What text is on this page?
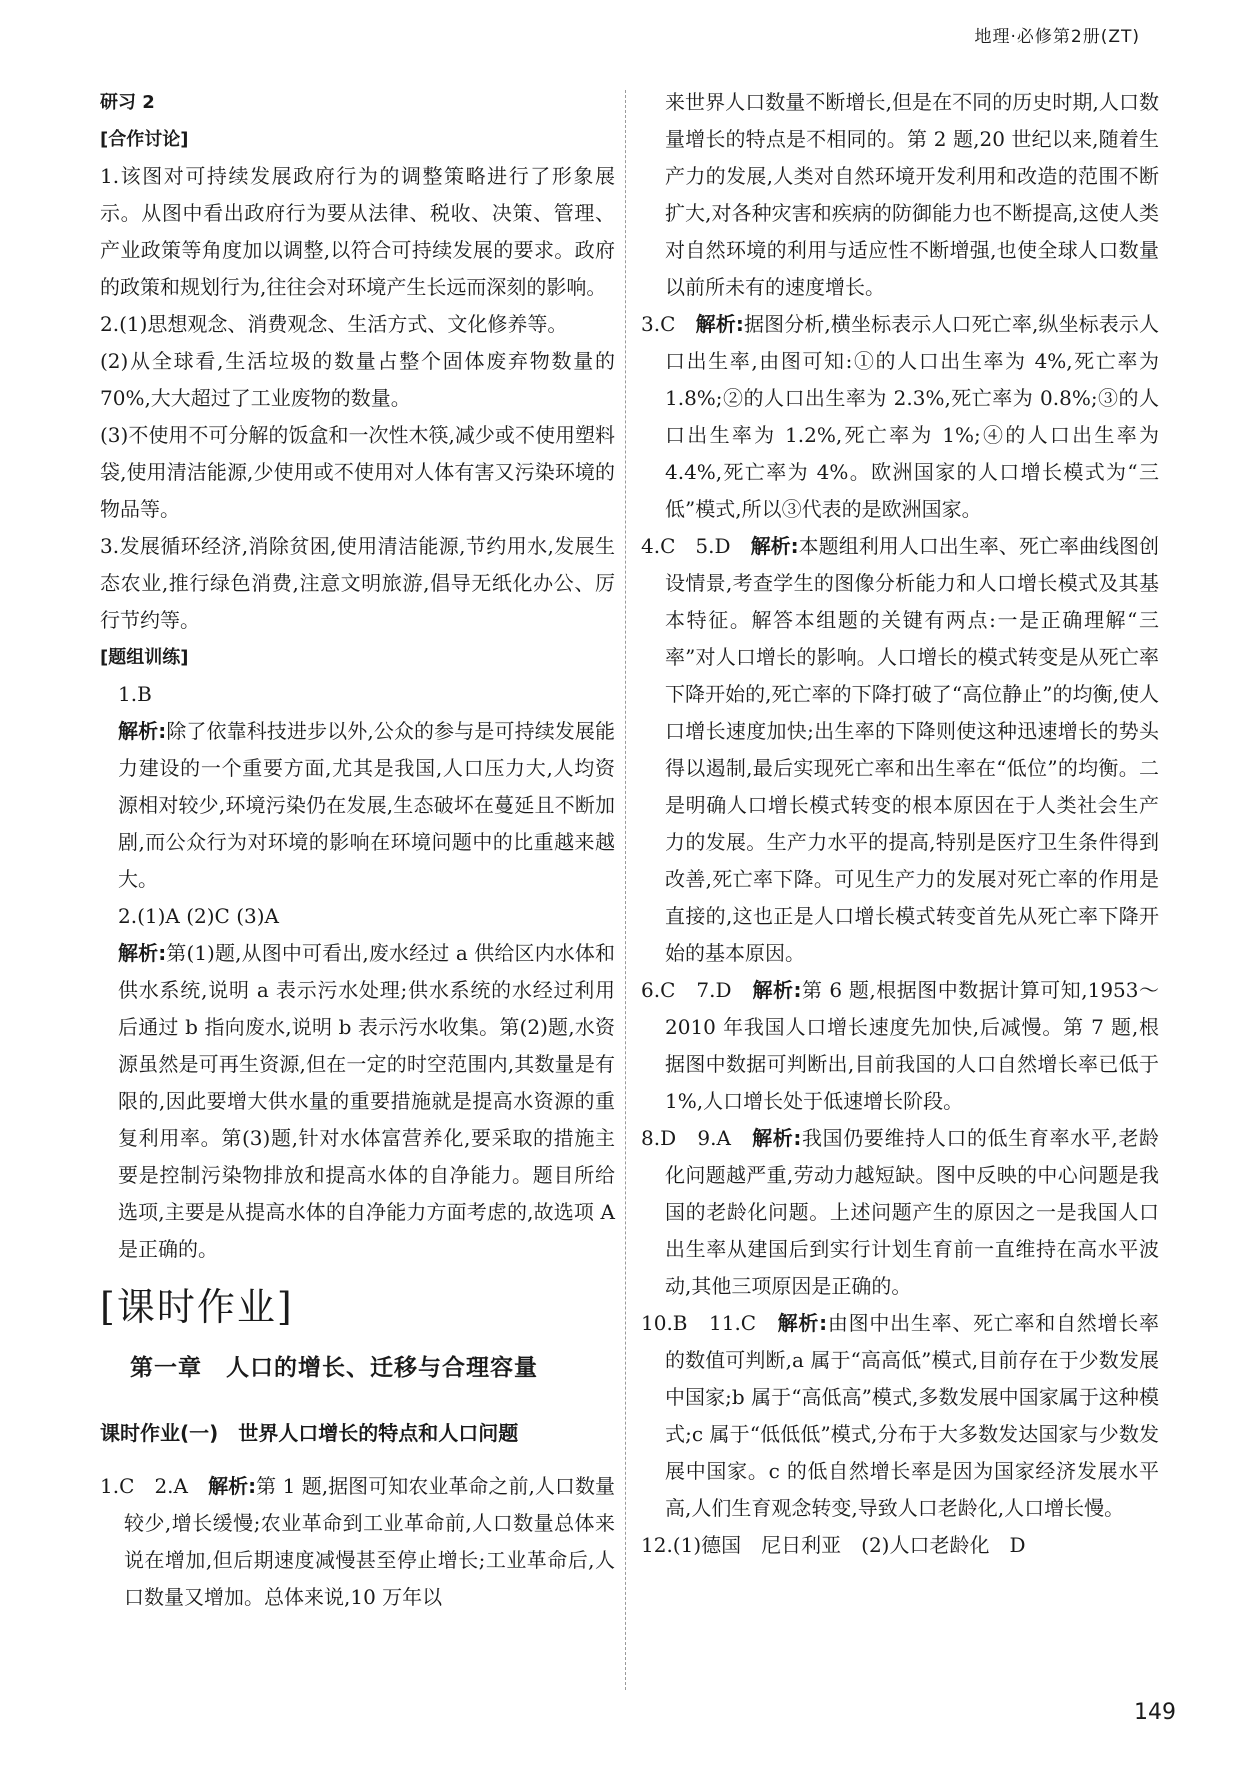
地理·必修第2册(ZT)

研习 2

[合作讨论]

1.该图对可持续发展政府行为的调整策略进行了形象展示。从图中看出政府行为要从法律、税收、决策、管理、产业政策等角度加以调整,以符合可持续发展的要求。政府的政策和规划行为,往往会对环境产生长远而深刻的影响。

2.(1)思想观念、消费观念、生活方式、文化修养等。

(2)从全球看,生活垃圾的数量占整个固体废弃物数量的 70%,大大超过了工业废物的数量。

(3)不使用不可分解的饭盒和一次性木筷,减少或不使用塑料袋,使用清洁能源,少使用或不使用对人体有害又污染环境的物品等。

3.发展循环经济,消除贫困,使用清洁能源,节约用水,发展生态农业,推行绿色消费,注意文明旅游,倡导无纸化办公、厉行节约等。

[题组训练]

1.B

解析:除了依靠科技进步以外,公众的参与是可持续发展能力建设的一个重要方面,尤其是我国,人口压力大,人均资源相对较少,环境污染仍在发展,生态破坏在蔓延且不断加剧,而公众行为对环境的影响在环境问题中的比重越来越大。

2.(1)A (2)C (3)A

解析:第(1)题,从图中可看出,废水经过 a 供给区内水体和供水系统,说明 a 表示污水处理;供水系统的水经过利用后通过 b 指向废水,说明 b 表示污水收集。第(2)题,水资源虽然是可再生资源,但在一定的时空范围内,其数量是有限的,因此要增大供水量的重要措施就是提高水资源的重复利用率。第(3)题,针对水体富营养化,要采取的措施主要是控制污染物排放和提高水体的自净能力。题目所给选项,主要是从提高水体的自净能力方面考虑的,故选项 A 是正确的。

[课时作业]
第一章　人口的增长、迁移与合理容量
课时作业(一)　世界人口增长的特点和人口问题

1.C　2.A　 解析:第 1 题,据图可知农业革命之前,人口数量较少,增长缓慢;农业革命到工业革命前,人口数量总体来说在增加,但后期速度减慢甚至停止增长;工业革命后,人口数量又增加。总体来说,10 万年以

来世界人口数量不断增长,但是在不同的历史时期,人口数量增长的特点是不相同的。第 2 题,20 世纪以来,随着生产力的发展,人类对自然环境开发利用和改造的范围不断扩大,对各种灾害和疾病的防御能力也不断提高,这使人类对自然环境的利用与适应性不断增强,也使全球人口数量以前所未有的速度增长。

3.C　 解析:据图分析,横坐标表示人口死亡率,纵坐标表示人口出生率,由图可知:①的人口出生率为 4%,死亡率为 1.8%;②的人口出生率为 2.3%,死亡率为 0.8%;③的人口出生率为 1.2%,死亡率为 1%;④的人口出生率为4.4%,死亡率为 4%。欧洲国家的人口增长模式为“三低”模式,所以③代表的是欧洲国家。

4.C　5.D　 解析:本题组利用人口出生率、死亡率曲线图创设情景,考查学生的图像分析能力和人口增长模式及其基本特征。解答本组题的关键有两点:一是正确理解“三率”对人口增长的影响。人口增长的模式转变是从死亡率下降开始的,死亡率的下降打破了“高位静止”的均衡,使人口增长速度加快;出生率的下降则使这种迅速增长的势头得以遏制,最后实现死亡率和出生率在“低位”的均衡。二是明确人口增长模式转变的根本原因在于人类社会生产力的发展。生产力水平的提高,特别是医疗卫生条件得到改善,死亡率下降。可见生产力的发展对死亡率的作用是直接的,这也正是人口增长模式转变首先从死亡率下降开始的基本原因。

6.C　7.D　 解析:第 6 题,根据图中数据计算可知,1953～2010 年我国人口增长速度先加快,后减慢。第 7 题,根据图中数据可判断出,目前我国的人口自然增长率已低于 1%,人口增长处于低速增长阶段。

8.D　9.A　 解析:我国仍要维持人口的低生育率水平,老龄化问题越严重,劳动力越短缺。图中反映的中心问题是我国的老龄化问题。上述问题产生的原因之一是我国人口出生率从建国后到实行计划生育前一直维持在高水平波动,其他三项原因是正确的。

10.B　11.C　 解析:由图中出生率、死亡率和自然增长率的数值可判断,a 属于“高高低”模式,目前存在于少数发展中国家;b 属于“高低高”模式,多数发展中国家属于这种模式;c 属于“低低低”模式,分布于大多数发达国家与少数发展中国家。c 的低自然增长率是因为国家经济发展水平高,人们生育观念转变,导致人口老龄化,人口增长慢。

12.(1)德国　尼日利亚　(2)人口老龄化　D

149
